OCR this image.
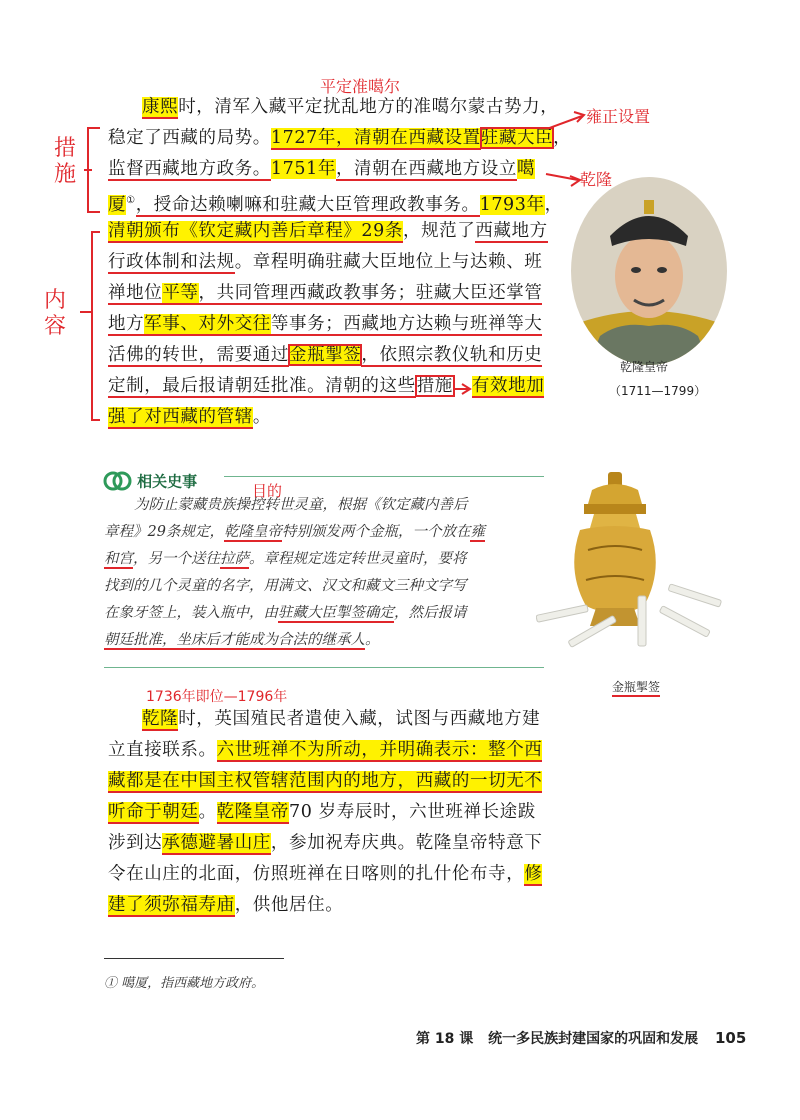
平定准噶尔
雍正设置
乾隆
措施
内容
目的
1736年即位—1796年
康熙时，清军入藏平定扰乱地方的准噶尔蒙古势力，
稳定了西藏的局势。1727年，清朝在西藏设置驻藏大臣，
监督西藏地方政务。1751年，清朝在西藏地方设立噶
厦①，授命达赖喇嘛和驻藏大臣管理政教事务。1793年，
清朝颁布《钦定藏内善后章程》29条，规范了西藏地方
行政体制和法规。章程明确驻藏大臣地位上与达赖、班
禅地位平等，共同管理西藏政教事务；驻藏大臣还掌管
地方军事、对外交往等事务；西藏地方达赖与班禅等大
活佛的转世，需要通过金瓶掣签，依照宗教仪轨和历史
定制，最后报请朝廷批准。清朝的这些措施 有效地加
强了对西藏的管辖。
乾隆皇帝
（1711—1799）
相关史事
为防止蒙藏贵族操控转世灵童，根据《钦定藏内善后
章程》29条规定，乾隆皇帝特别颁发两个金瓶，一个放在雍
和宫，另一个送往拉萨。章程规定选定转世灵童时，要将
找到的几个灵童的名字，用满文、汉文和藏文三种文字写
在象牙签上，装入瓶中，由驻藏大臣掣签确定，然后报请
朝廷批准，坐床后才能成为合法的继承人。
金瓶掣签
乾隆时，英国殖民者遣使入藏，试图与西藏地方建
立直接联系。六世班禅不为所动，并明确表示：整个西
藏都是在中国主权管辖范围内的地方，西藏的一切无不
听命于朝廷。乾隆皇帝70 岁寿辰时，六世班禅长途跋
涉到达承德避暑山庄，参加祝寿庆典。乾隆皇帝特意下
令在山庄的北面，仿照班禅在日喀则的扎什伦布寺，修
建了须弥福寿庙，供他居住。
① 噶厦，指西藏地方政府。
第 18 课 统一多民族封建国家的巩固和发展 105
